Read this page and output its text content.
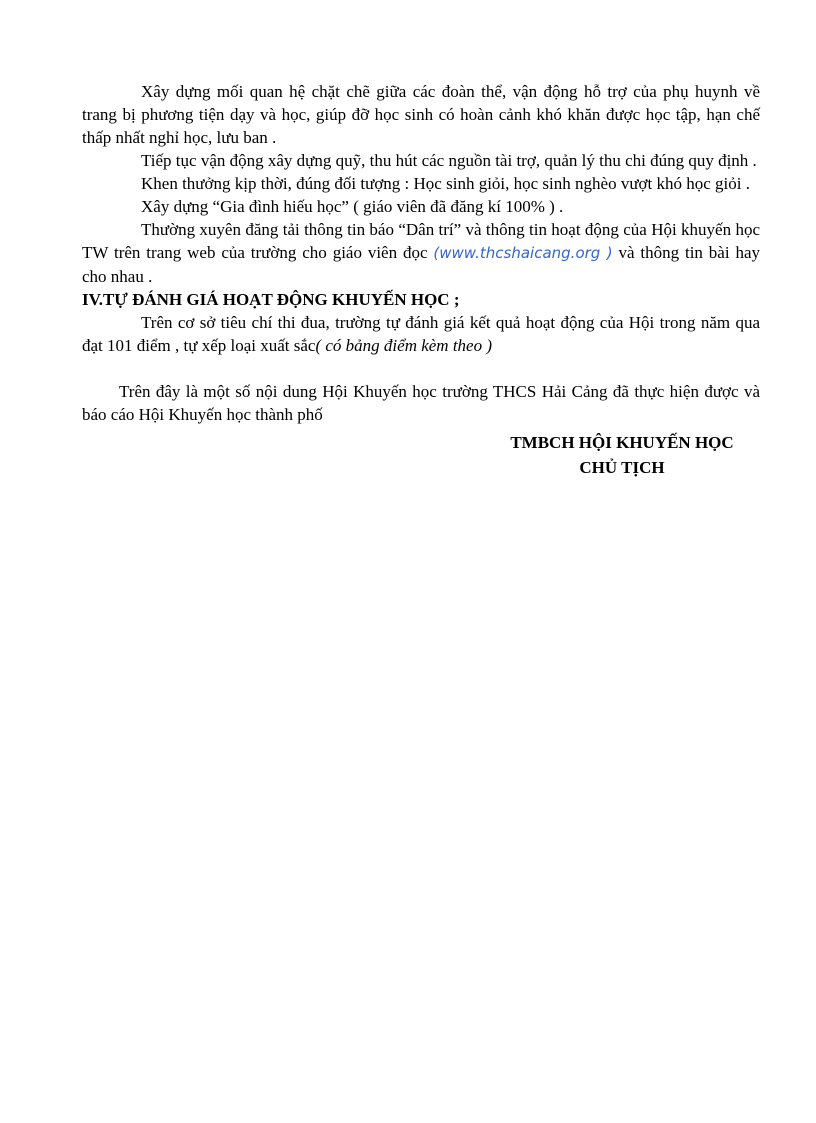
Xây dựng mối quan hệ chặt chẽ giữa các đoàn thể, vận động hỗ trợ của phụ huynh về trang bị phương tiện dạy và học, giúp đỡ học sinh có hoàn cảnh khó khăn được học tập, hạn chế thấp nhất nghỉ học, lưu ban .

Tiếp tục vận động xây dựng quỹ, thu hút các nguồn tài trợ, quản lý thu chi đúng quy định .

Khen thưởng kịp thời, đúng đối tượng : Học sinh giỏi, học sinh nghèo vượt khó học giỏi .

Xây dựng “Gia đình hiếu học” ( giáo viên đã đăng kí 100% ) .

Thường xuyên đăng tải thông tin báo “Dân trí” và thông tin hoạt động của Hội khuyến học TW trên trang web của trường cho giáo viên đọc (www.thcshaicang.org ) và thông tin bài hay cho nhau .

IV.TỰ ĐÁNH GIÁ HOẠT ĐỘNG KHUYẾN HỌC ;

Trên cơ sở tiêu chí thi đua, trường tự đánh giá kết quả hoạt động của Hội trong năm qua đạt 101 điểm , tự xếp loại xuất sắc( có bảng điểm kèm theo )

Trên đây là một số nội dung Hội Khuyến học trường THCS Hải Cảng đã thực hiện được và báo cáo Hội Khuyến học thành phố

TMBCH HỘI KHUYẾN HỌC
CHỦ TỊCH
